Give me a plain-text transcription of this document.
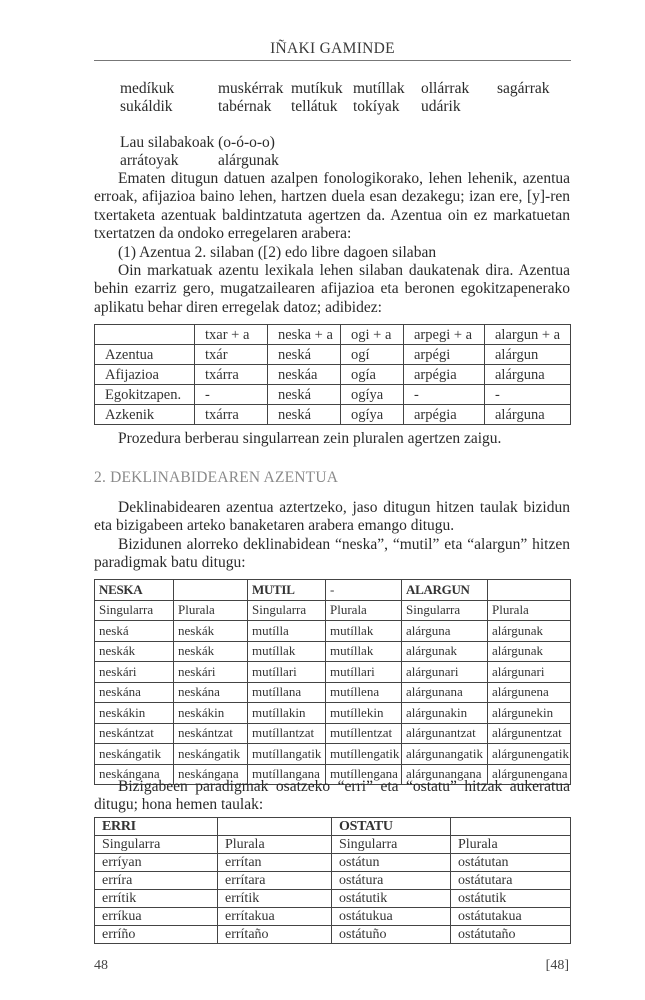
IÑAKI GAMINDE
medíkuk	muskérrak mutíkuk mutíllak ollárrak sagárrak
sukáldik	tabérnak tellátuk tokíyak udárik
Lau silabakoak (o-ó-o-o)
arrátoyak	alárgunak

Ematen ditugun datuen azalpen fonologikorako, lehen lehenik, azentua erroak, afijazioa baino lehen, hartzen duela esan dezakegu; izan ere, [y]-ren txertaketa azentuak baldintzatuta agertzen da. Azentua oin ez markatuetan txertatzen da ondoko erregelaren arabera:

(1) Azentua 2. silaban ([2) edo libre dagoen silaban

Oin markatuak azentu lexikala lehen silaban daukatenak dira. Azentua behin ezarriz gero, mugatzailearen afijazioa eta beronen egokitzapenerako aplikatu behar diren erregelak datoz; adibidez:

	txar + a	neska + a	ogi + a	arpegi + a	alargun + a
Azentua	txár	neská	ogí	arpégi	alárgun
Afijazioa	txárra	neskáa	ogía	arpégia	alárguna
Egokitzapen.	-	neská	ogíya	-	-
Azkenik	txárra	neská	ogíya	arpégia	alárguna

Prozedura berberau singularrean zein pluralen agertzen zaigu.

2. DEKLINABIDEAREN AZENTUA

Deklinabidearen azentua aztertzeko, jaso ditugun hitzen taulak bizidun eta bizigabeen arteko banaketaren arabera emango ditugu.

Bizidunen alorreko deklinabidean “neska”, “mutil” eta “alargun” hitzen paradigmak batu ditugu:

NESKA		MUTIL	-	ALARGUN	
Singularra	Plurala	Singularra	Plurala	Singularra	Plurala
neská	neskák	mutílla	mutíllak	alárguna	alárgunak
neskák	neskák	mutíllak	mutíllak	alárgunak	alárgunak
neskári	neskári	mutíllari	mutíllari	alárgunari	alárgunari
neskána	neskána	mutíllana	mutíllena	alárgunana	alárgunena
neskákin	neskákin	mutíllakin	mutíllekin	alárgunakin	alárgunekin
neskántzat	neskántzat	mutíllantzat	mutíllentzat	alárgunantzat	alárgunentzat
neskángatik	neskángatik	mutíllangatik	mutíllengatik	alárgunangatik	alárgunengatik
neskángana	neskángana	mutíllangana	mutíllengana	alárgunangana	alárgunengana

Bizigabeen paradigmak osatzeko “erri” eta “ostatu” hitzak aukeratua ditugu; hona hemen taulak:

ERRI		OSTATU	
Singularra	Plurala	Singularra	Plurala
erríyan	errítan	ostátun	ostátutan
erríra	errítara	ostátura	ostátutara
errítik	errítik	ostátutik	ostátutik
erríkua	errítakua	ostátukua	ostátutakua
erríño	errítaño	ostátuño	ostátutaño
48	[48]
